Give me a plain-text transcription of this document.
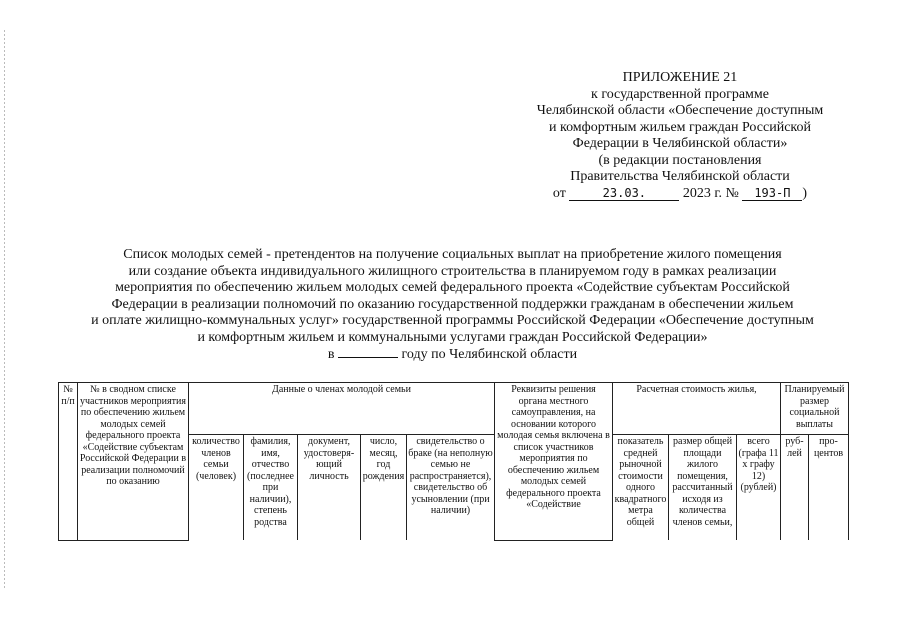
ПРИЛОЖЕНИЕ 21
к государственной программе
Челябинской области «Обеспечение доступным
и комфортным жильем граждан Российской
Федерации в Челябинской области»
(в редакции постановления
Правительства Челябинской области
от	23.03.	2023 г. № 193-П )
Список молодых семей - претендентов на получение социальных выплат на приобретение жилого помещения
или создание объекта индивидуального жилищного строительства в планируемом году в рамках реализации
мероприятия по обеспечению жильем молодых семей федерального проекта «Содействие субъектам Российской
Федерации в реализации полномочий по оказанию государственной поддержки гражданам в обеспечении жильем
и оплате жилищно-коммунальных услуг» государственной программы Российской Федерации «Обеспечение доступным
и комфортным жильем и коммунальными услугами граждан Российской Федерации»
в	году по Челябинской области
№ п/п	№ в сводном списке участников мероприятия по обеспечению жильем молодых семей федерального проекта «Содействие субъектам Российской Федерации в реализации полномочий по оказанию	Данные о членах молодой семьи					Реквизиты решения органа местного самоуправления, на основании которого молодая семья включена в список участников мероприятия по обеспечению жильем молодых семей федерального проекта «Содействие	Расчетная стоимость жилья,			Планируемый размер социальной выплаты	
		количество членов семьи (человек)	фамилия, имя, отчество (последнее при наличии), степень родства	документ, удостоверя-ющий личность	число, месяц, год рождения	свидетельство о браке (на неполную семью не распространяется), свидетельство об усыновлении (при наличии)		показатель средней рыночной стоимости одного квадратного метра общей	размер общей площади жилого помещения, рассчитанный исходя из количества членов семьи,	всего (графа 11 х графу 12) (рублей)	руб-лей	про-центов
